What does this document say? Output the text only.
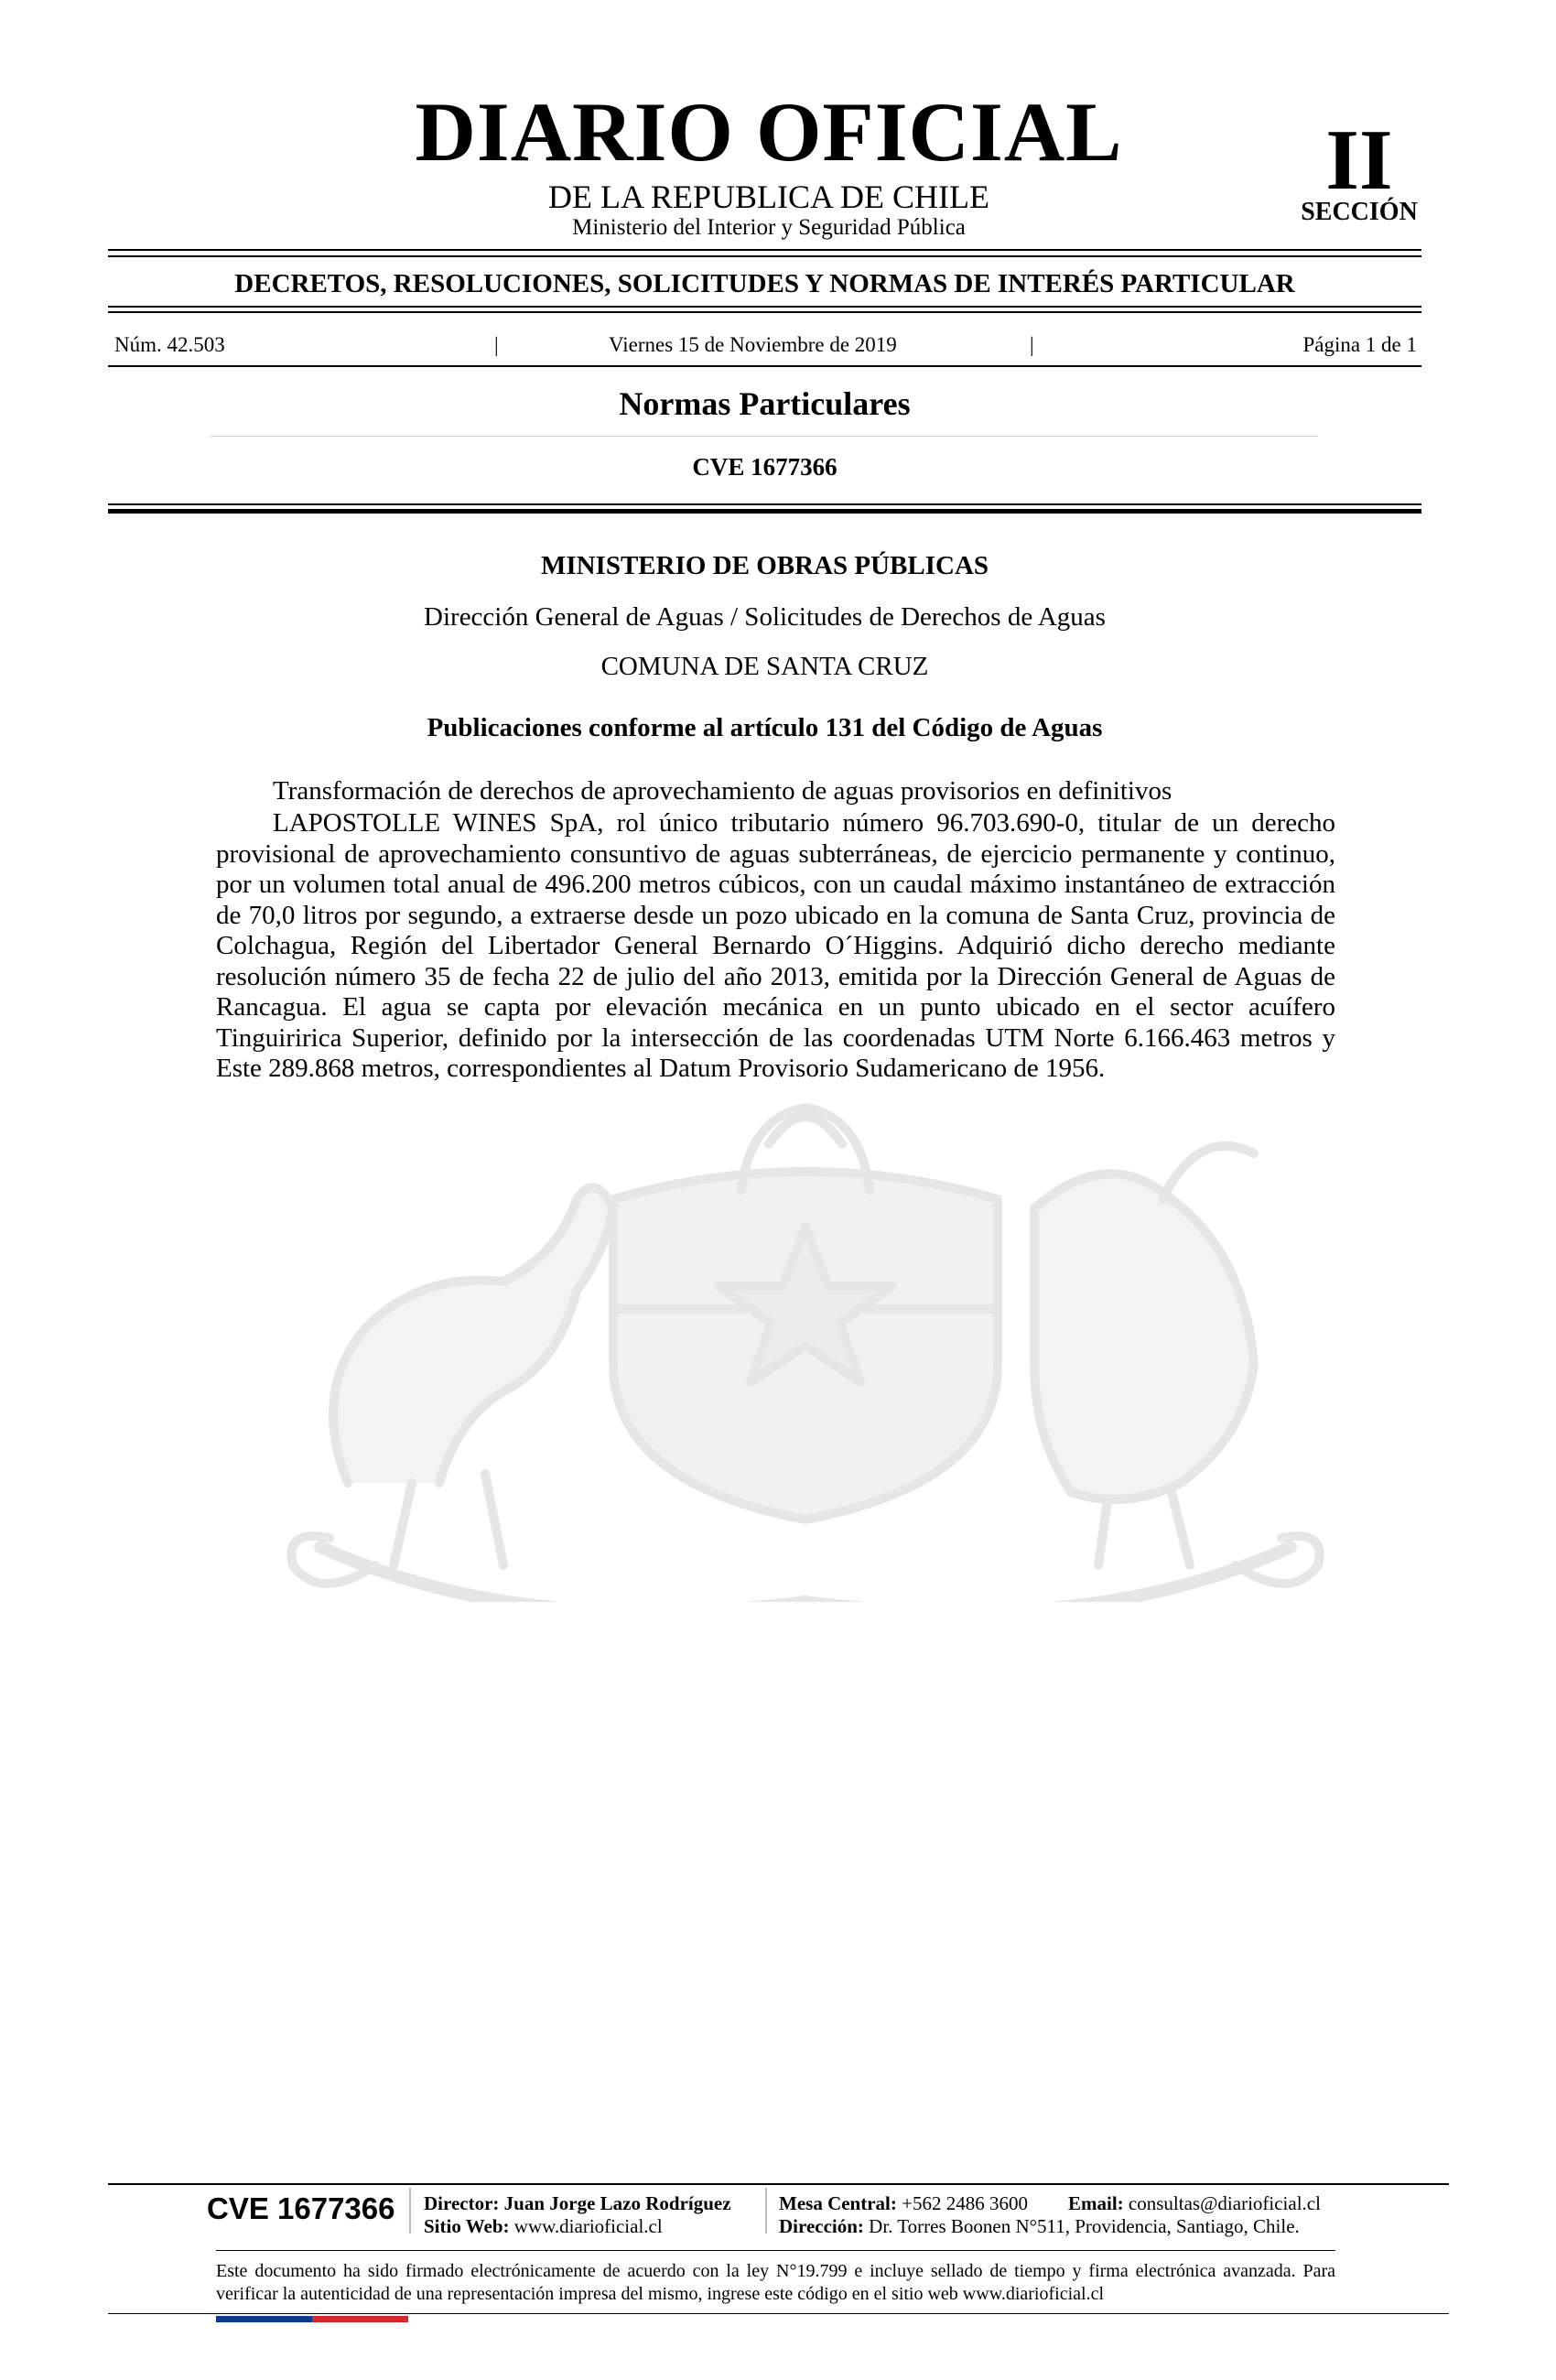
DIARIO OFICIAL
DE LA REPUBLICA DE CHILE
Ministerio del Interior y Seguridad Pública
II
SECCIÓN
DECRETOS, RESOLUCIONES, SOLICITUDES Y NORMAS DE INTERÉS PARTICULAR
Núm. 42.503	|	Viernes 15 de Noviembre de 2019	|	Página 1 de 1
Normas Particulares
CVE 1677366
MINISTERIO DE OBRAS PÚBLICAS
Dirección General de Aguas / Solicitudes de Derechos de Aguas
COMUNA DE SANTA CRUZ
Publicaciones conforme al artículo 131 del Código de Aguas
Transformación de derechos de aprovechamiento de aguas provisorios en definitivos

LAPOSTOLLE WINES SpA, rol único tributario número 96.703.690-0, titular de un derecho provisional de aprovechamiento consuntivo de aguas subterráneas, de ejercicio permanente y continuo, por un volumen total anual de 496.200 metros cúbicos, con un caudal máximo instantáneo de extracción de 70,0 litros por segundo, a extraerse desde un pozo ubicado en la comuna de Santa Cruz, provincia de Colchagua, Región del Libertador General Bernardo O´Higgins. Adquirió dicho derecho mediante resolución número 35 de fecha 22 de julio del año 2013, emitida por la Dirección General de Aguas de Rancagua. El agua se capta por elevación mecánica en un punto ubicado en el sector acuífero Tinguiririca Superior, definido por la intersección de las coordenadas UTM Norte 6.166.463 metros y Este 289.868 metros, correspondientes al Datum Provisorio Sudamericano de 1956.

CVE 1677366 Director: Juan Jorge Lazo Rodríguez
Sitio Web: www.diarioficial.cl
Mesa Central: +562 2486 3600 Email: consultas@diarioficial.cl
Dirección: Dr. Torres Boonen N°511, Providencia, Santiago, Chile.

Este documento ha sido firmado electrónicamente de acuerdo con la ley N°19.799 e incluye sellado de tiempo y firma electrónica avanzada. Para verificar la autenticidad de una representación impresa del mismo, ingrese este código en el sitio web www.diarioficial.cl
